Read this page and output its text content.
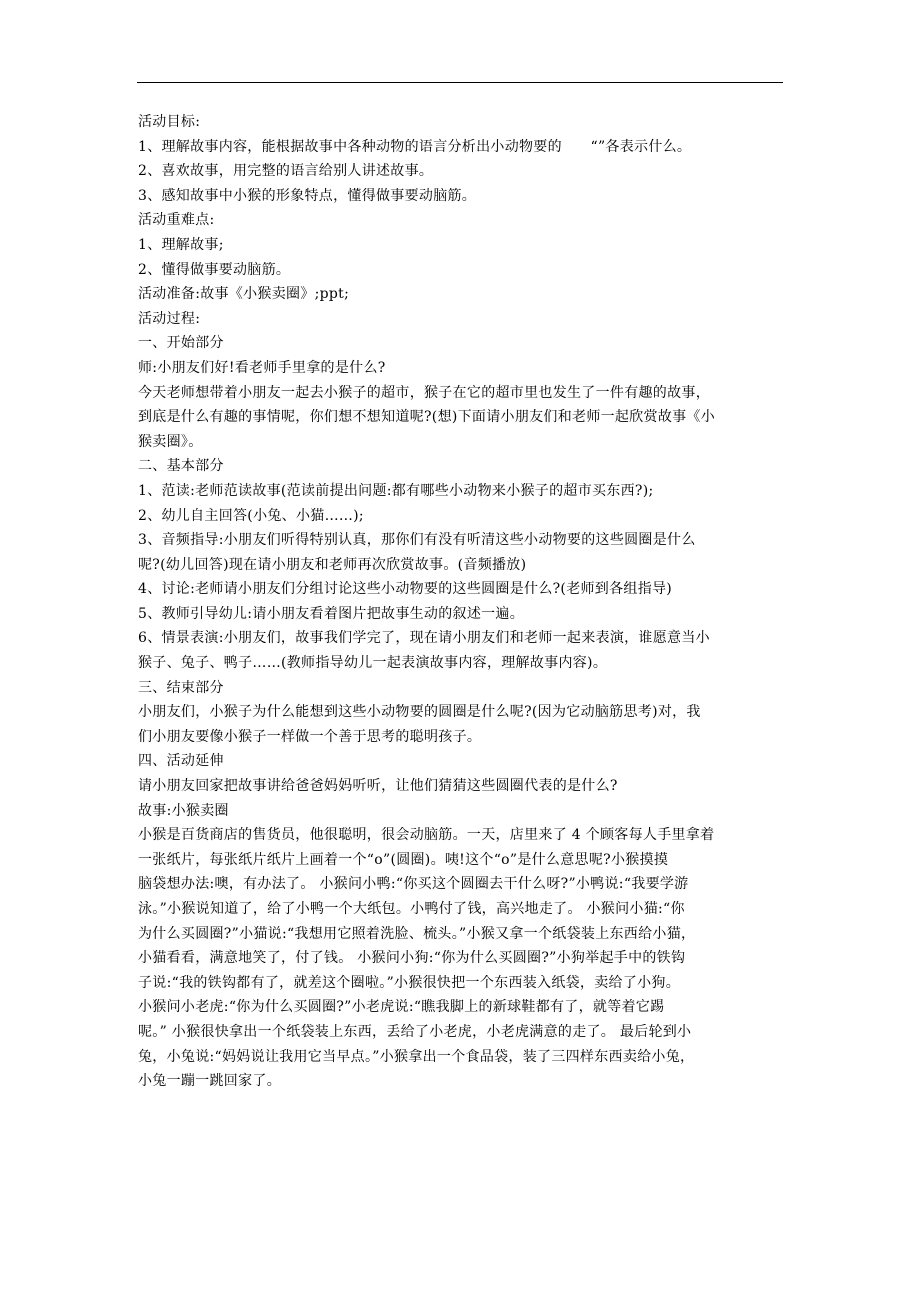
活动目标:
1、理解故事内容，能根据故事中各种动物的语言分析出小动物要的　　“”各表示什么。
2、喜欢故事，用完整的语言给别人讲述故事。
3、感知故事中小猴的形象特点，懂得做事要动脑筋。
活动重难点:
1、理解故事;
2、懂得做事要动脑筋。
活动准备:故事《小猴卖圈》;ppt;
活动过程:
一、开始部分
师:小朋友们好!看老师手里拿的是什么?
今天老师想带着小朋友一起去小猴子的超市，猴子在它的超市里也发生了一件有趣的故事，
到底是什么有趣的事情呢，你们想不想知道呢?(想)下面请小朋友们和老师一起欣赏故事《小
猴卖圈》。
二、基本部分
1、范读:老师范读故事(范读前提出问题:都有哪些小动物来小猴子的超市买东西?);
2、幼儿自主回答(小兔、小猫……);
3、音频指导:小朋友们听得特别认真，那你们有没有听清这些小动物要的这些圆圈是什么
呢?(幼儿回答)现在请小朋友和老师再次欣赏故事。(音频播放)
4、讨论:老师请小朋友们分组讨论这些小动物要的这些圆圈是什么?(老师到各组指导)
5、教师引导幼儿:请小朋友看着图片把故事生动的叙述一遍。
6、情景表演:小朋友们，故事我们学完了，现在请小朋友们和老师一起来表演，谁愿意当小
猴子、兔子、鸭子……(教师指导幼儿一起表演故事内容，理解故事内容)。
三、结束部分
小朋友们，小猴子为什么能想到这些小动物要的圆圈是什么呢?(因为它动脑筋思考)对，我
们小朋友要像小猴子一样做一个善于思考的聪明孩子。
四、活动延伸
请小朋友回家把故事讲给爸爸妈妈听听，让他们猜猜这些圆圈代表的是什么?
故事:小猴卖圈
小猴是百货商店的售货员，他很聪明，很会动脑筋。一天，店里来了 4 个顾客每人手里拿着
一张纸片，每张纸片纸片上画着一个“ο”(圆圈)。咦!这个“ο”是什么意思呢?小猴摸摸
脑袋想办法:噢，有办法了。 小猴问小鸭:“你买这个圆圈去干什么呀?”小鸭说:“我要学游
泳。”小猴说知道了，给了小鸭一个大纸包。小鸭付了钱，高兴地走了。 小猴问小猫:“你
为什么买圆圈?”小猫说:“我想用它照着洗脸、梳头。”小猴又拿一个纸袋装上东西给小猫，
小猫看看，满意地笑了，付了钱。 小猴问小狗:“你为什么买圆圈?”小狗举起手中的铁钩
子说:“我的铁钩都有了，就差这个圈啦。”小猴很快把一个东西装入纸袋，卖给了小狗。
小猴问小老虎:“你为什么买圆圈?”小老虎说:“瞧我脚上的新球鞋都有了，就等着它踢
呢。” 小猴很快拿出一个纸袋装上东西，丢给了小老虎，小老虎满意的走了。 最后轮到小
兔，小兔说:“妈妈说让我用它当早点。”小猴拿出一个食品袋，装了三四样东西卖给小兔，
小兔一蹦一跳回家了。
